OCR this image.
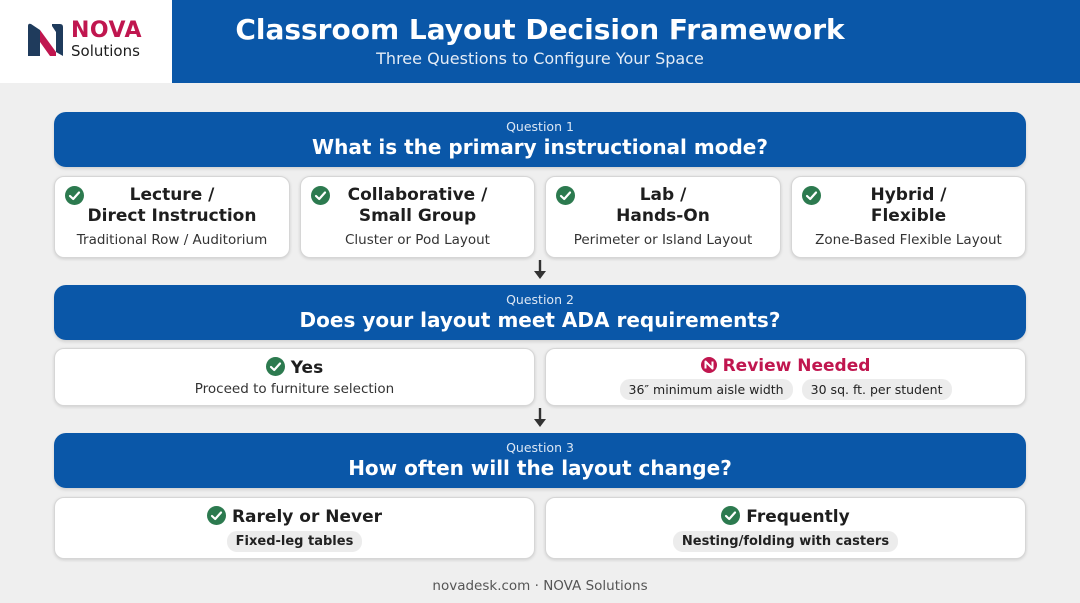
NOVA
Solutions
Classroom Layout Decision Framework
Three Questions to Configure Your Space
Question 1
What is the primary instructional mode?
Lecture /
Direct Instruction
Traditional Row / Auditorium
Collaborative /
Small Group
Cluster or Pod Layout
Lab /
Hands-On
Perimeter or Island Layout
Hybrid /
Flexible
Zone-Based Flexible Layout
Question 2
Does your layout meet ADA requirements?
Yes
Proceed to furniture selection
Review Needed
36″ minimum aisle width 30 sq. ft. per student
Question 3
How often will the layout change?
Rarely or Never
Fixed-leg tables
Frequently
Nesting/folding with casters
novadesk.com · NOVA Solutions
